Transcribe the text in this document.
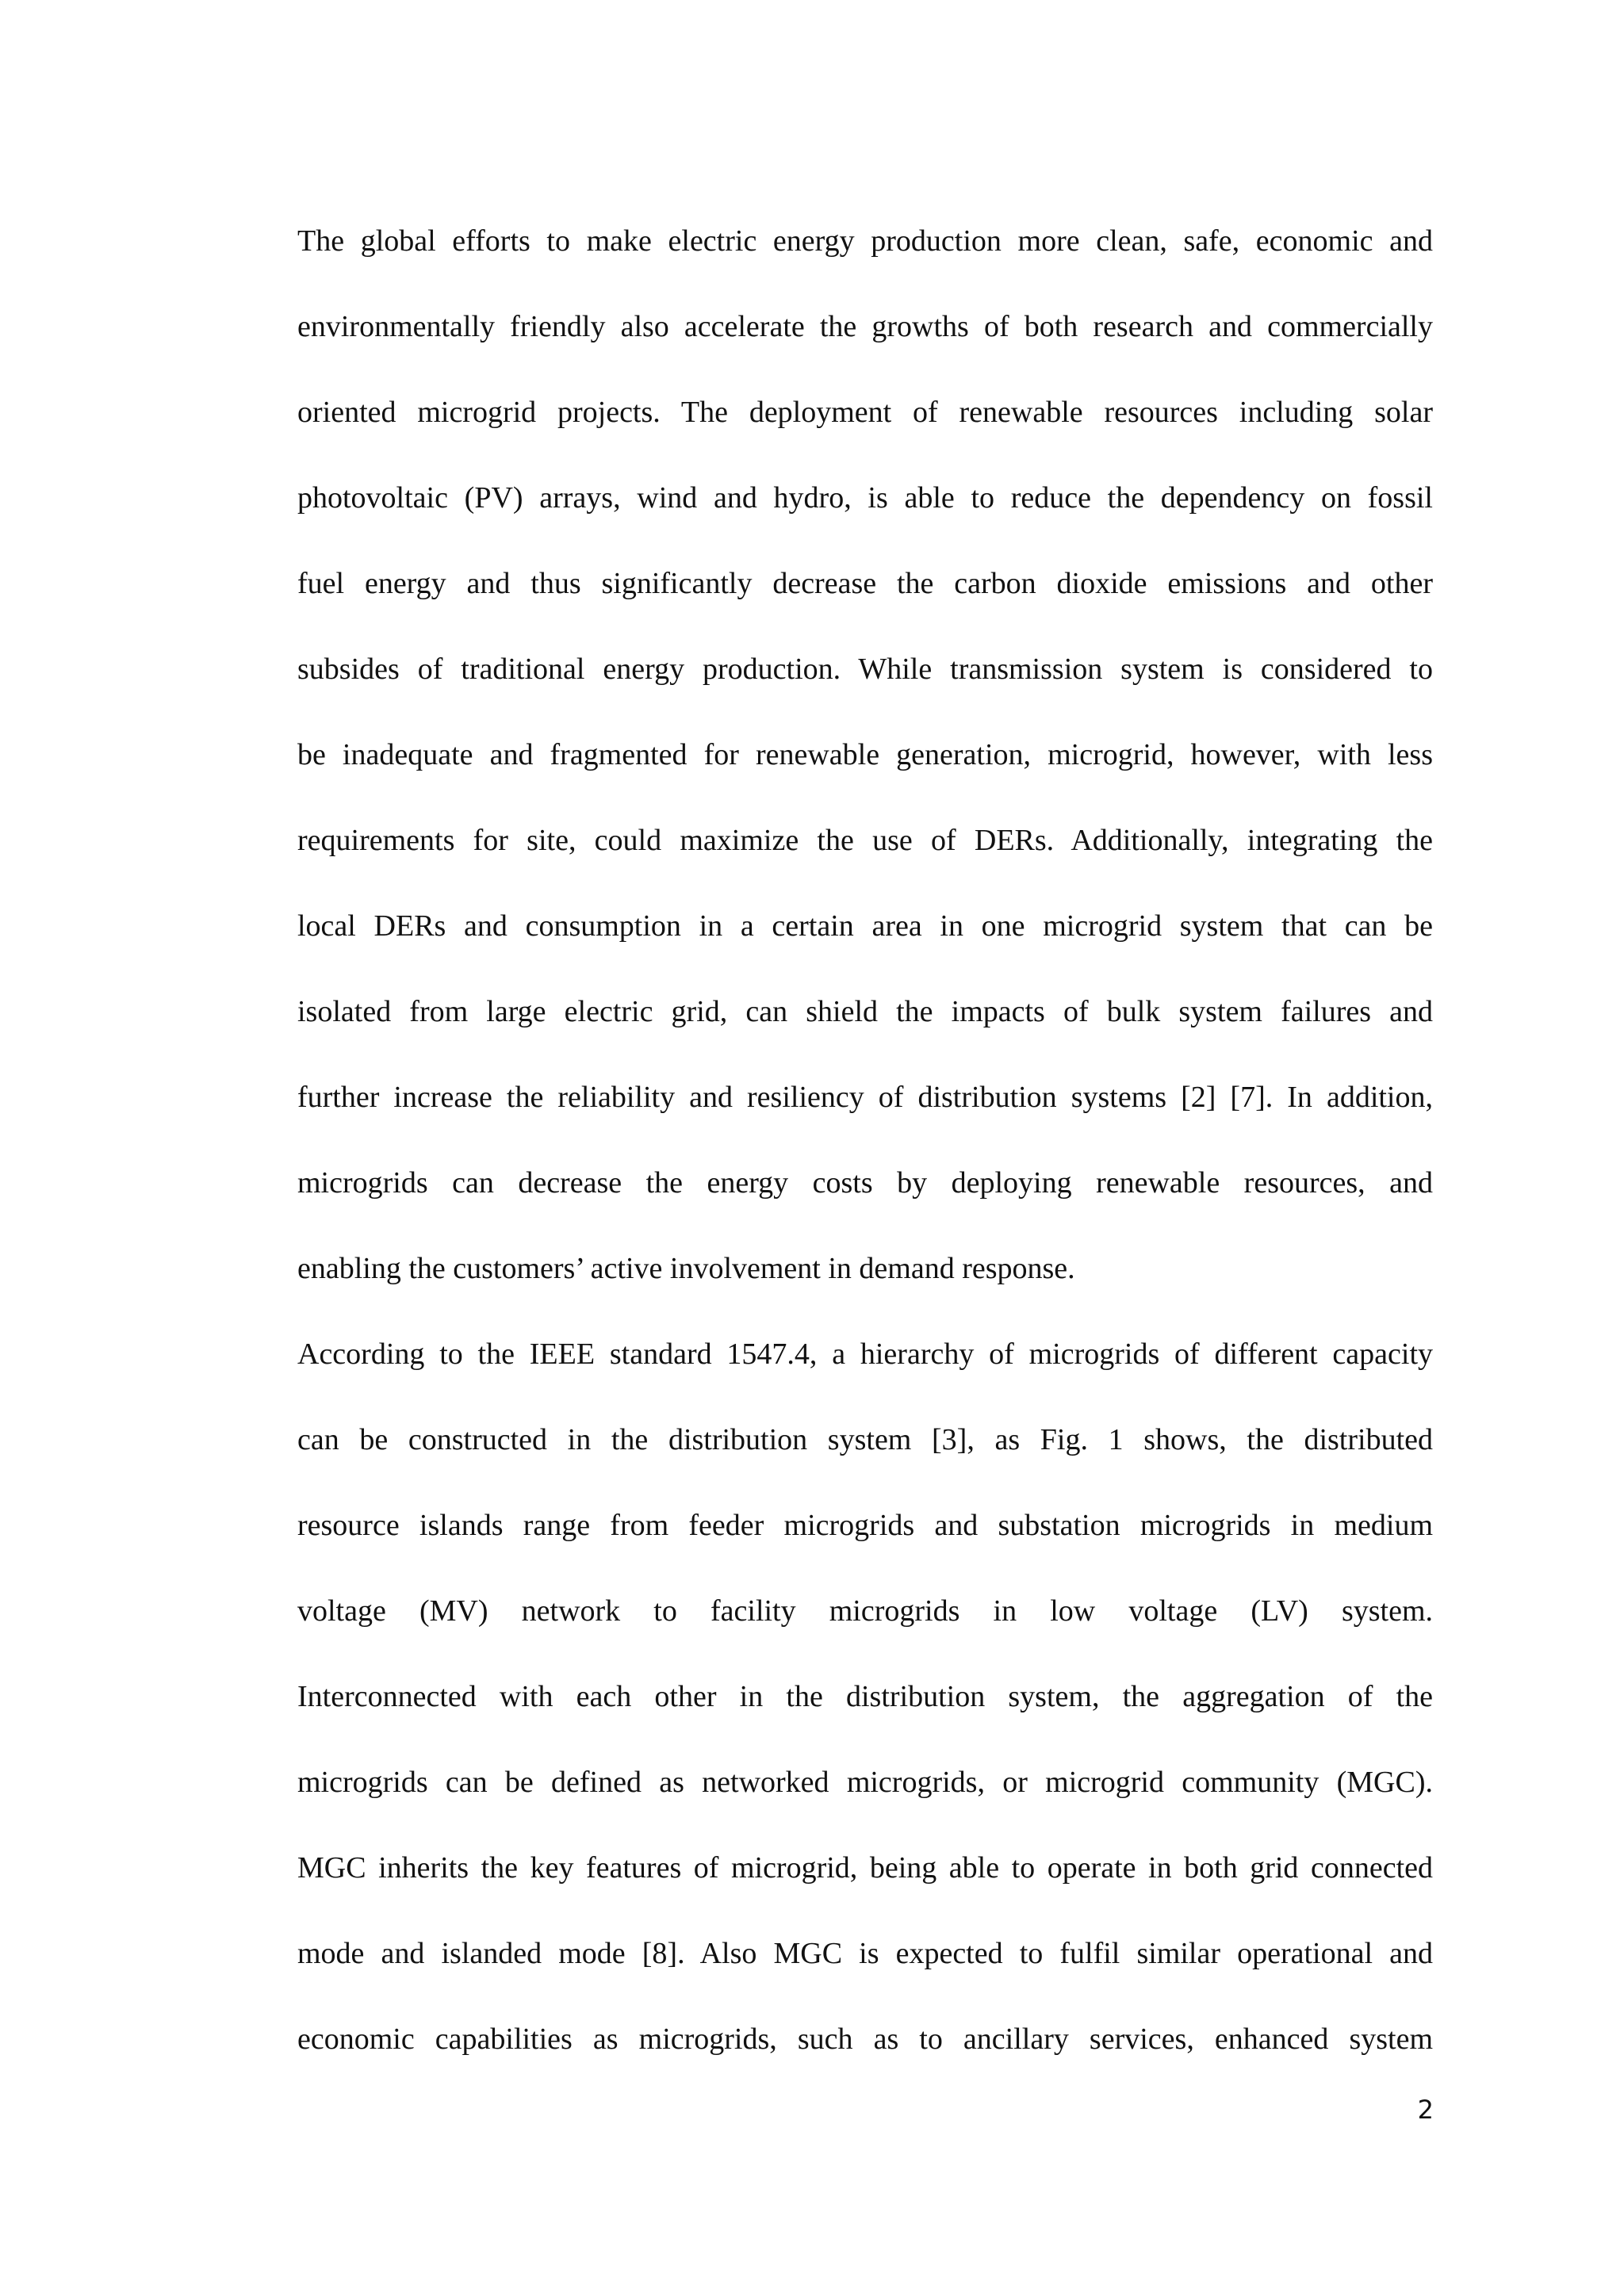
The global efforts to make electric energy production more clean, safe, economic and
environmentally friendly also accelerate the growths of both research and commercially
oriented microgrid projects. The deployment of renewable resources including solar
photovoltaic (PV) arrays, wind and hydro, is able to reduce the dependency on fossil
fuel energy and thus significantly decrease the carbon dioxide emissions and other
subsides of traditional energy production. While transmission system is considered to
be inadequate and fragmented for renewable generation, microgrid, however, with less
requirements for site, could maximize the use of DERs. Additionally, integrating the
local DERs and consumption in a certain area in one microgrid system that can be
isolated from large electric grid, can shield the impacts of bulk system failures and
further increase the reliability and resiliency of distribution systems [2] [7]. In addition,
microgrids can decrease the energy costs by deploying renewable resources, and
enabling the customers’ active involvement in demand response.

According to the IEEE standard 1547.4, a hierarchy of microgrids of different capacity
can be constructed in the distribution system [3], as Fig. 1 shows, the distributed
resource islands range from feeder microgrids and substation microgrids in medium
voltage (MV) network to facility microgrids in low voltage (LV) system.
Interconnected with each other in the distribution system, the aggregation of the
microgrids can be defined as networked microgrids, or microgrid community (MGC).
MGC inherits the key features of microgrid, being able to operate in both grid connected
mode and islanded mode [8]. Also MGC is expected to fulfil similar operational and
economic capabilities as microgrids, such as to ancillary services, enhanced system

2
